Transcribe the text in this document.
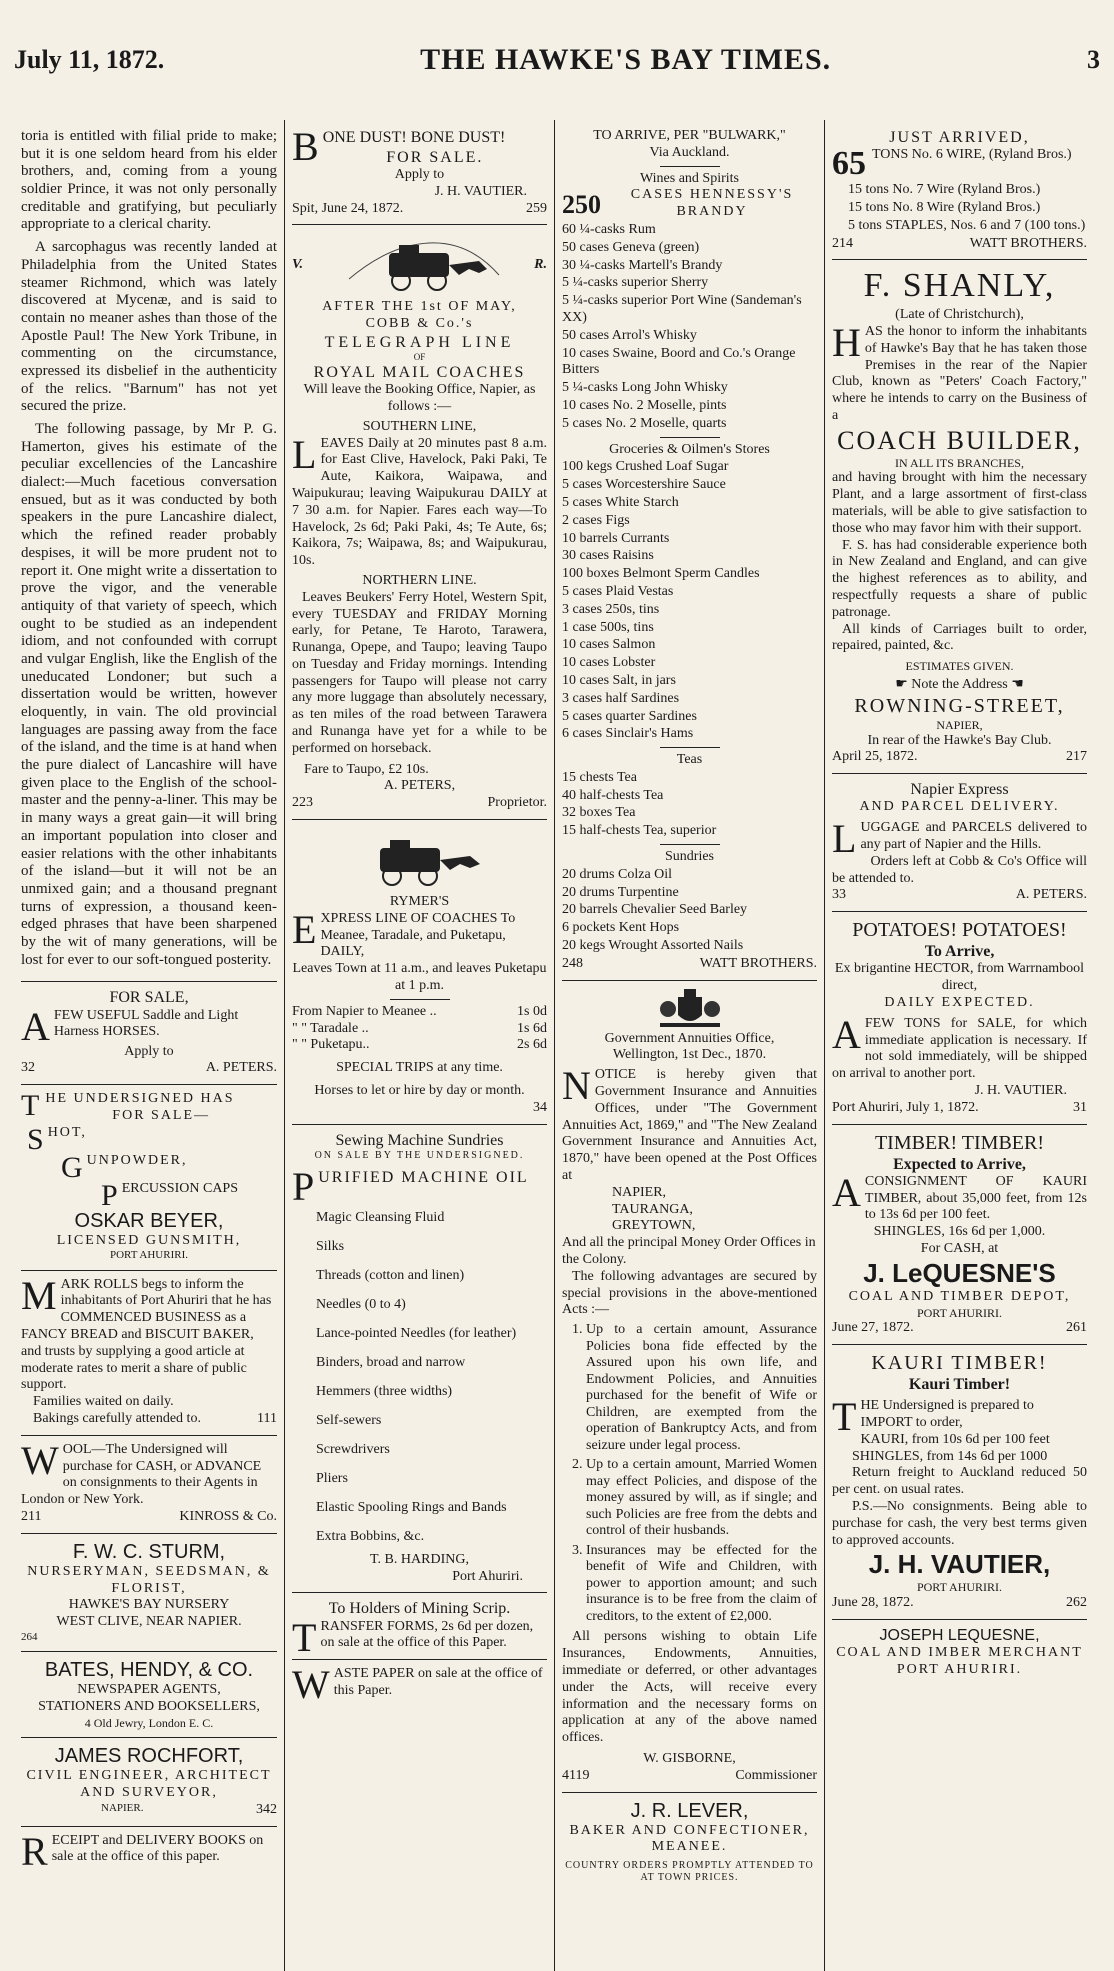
July 11, 1872.	THE HAWKE'S BAY TIMES.	3

toria is entitled with filial pride to make; but it is one seldom heard from his elder brothers, and, coming from a young soldier Prince, it was not only personally creditable and gratifying, but peculiarly appropriate to a clerical charity.

A sarcophagus was recently landed at Philadelphia from the United States steamer Richmond, which was lately discovered at Mycenæ, and is said to contain no meaner ashes than those of the Apostle Paul! The New York Tribune, in commenting on the circumstance, expressed its disbelief in the authenticity of the relics. "Barnum" has not yet secured the prize.

The following passage, by Mr P. G. Hamerton, gives his estimate of the peculiar excellencies of the Lancashire dialect:—Much facetious conversation ensued, but as it was conducted by both speakers in the pure Lancashire dialect, which the refined reader probably despises, it will be more prudent not to report it. One might write a dissertation to prove the vigor, and the venerable antiquity of that variety of speech, which ought to be studied as an independent idiom, and not confounded with corrupt and vulgar English, like the English of the uneducated Londoner; but such a dissertation would be written, however eloquently, in vain. The old provincial languages are passing away from the face of the island, and the time is at hand when the pure dialect of Lancashire will have given place to the English of the school-master and the penny-a-liner. This may be in many ways a great gain—it will bring an important population into closer and easier relations with the other inhabitants of the island—but it will not be an unmixed gain; and a thousand pregnant turns of expression, a thousand keen-edged phrases that have been sharpened by the wit of many generations, will be lost for ever to our soft-tongued posterity.

FOR SALE,
AFEW USEFUL Saddle and Light Harness HORSES.
Apply to
32	A. PETERS.
THE UNDERSIGNED HAS
FOR SALE—
SHOT,
GUNPOWDER,
PERCUSSION CAPS
OSKAR BEYER,
LICENSED GUNSMITH,
PORT AHURIRI.
MARK ROLLS begs to inform the inhabitants of Port Ahuriri that he has COMMENCED BUSINESS as a FANCY BREAD and BISCUIT BAKER, and trusts by supplying a good article at moderate rates to merit a share of public support.
Families waited on daily.
Bakings carefully attended to.	111
WOOL—The Undersigned will purchase for CASH, or ADVANCE on consignments to their Agents in London or New York.
211	KINROSS & Co.
F. W. C. STURM,
NURSERYMAN, SEEDSMAN, & FLORIST,
HAWKE'S BAY NURSERY
WEST CLIVE, NEAR NAPIER.
264
BATES, HENDY, & CO.
NEWSPAPER AGENTS,
STATIONERS AND BOOKSELLERS,
4 Old Jewry, London E. C.
JAMES ROCHFORT,
CIVIL ENGINEER, ARCHITECT AND SURVEYOR,
NAPIER.	342
RECEIPT and DELIVERY BOOKS on sale at the office of this paper.
BONE DUST! BONE DUST!
FOR SALE.
Apply to
J. H. VAUTIER.
Spit, June 24, 1872.	259
V.	R.
AFTER THE 1st OF MAY,
COBB & Co.'s
TELEGRAPH LINE
OF
ROYAL MAIL COACHES
Will leave the Booking Office, Napier, as follows :—
SOUTHERN LINE,
LEAVES Daily at 20 minutes past 8 a.m. for East Clive, Havelock, Paki Paki, Te Aute, Kaikora, Waipawa, and Waipukurau; leaving Waipukurau DAILY at 7 30 a.m. for Napier. Fares each way—To Havelock, 2s 6d; Paki Paki, 4s; Te Aute, 6s; Kaikora, 7s; Waipawa, 8s; and Waipukurau, 10s.
NORTHERN LINE.
Leaves Beukers' Ferry Hotel, Western Spit, every TUESDAY and FRIDAY Morning early, for Petane, Te Haroto, Tarawera, Runanga, Opepe, and Taupo; leaving Taupo on Tuesday and Friday mornings. Intending passengers for Taupo will please not carry any more luggage than absolutely necessary, as ten miles of the road between Tarawera and Runanga have yet for a while to be performed on horseback.
Fare to Taupo, £2 10s.
A. PETERS,
223	Proprietor.
RYMER'S
EXPRESS LINE OF COACHES To Meanee, Taradale, and Puketapu, DAILY,
Leaves Town at 11 a.m., and leaves Puketapu at 1 p.m.
From Napier to Meanee ..	1s 0d
" " Taradale ..	1s 6d
" " Puketapu..	2s 6d
SPECIAL TRIPS at any time.
Horses to let or hire by day or month.
34
Sewing Machine Sundries
ON SALE BY THE UNDERSIGNED.
PURIFIED MACHINE OIL
Magic Cleansing Fluid
Silks
Threads (cotton and linen)
Needles (0 to 4)
Lance-pointed Needles (for leather)
Binders, broad and narrow
Hemmers (three widths)
Self-sewers
Screwdrivers
Pliers
Elastic Spooling Rings and Bands
Extra Bobbins, &c.
T. B. HARDING,
Port Ahuriri.
To Holders of Mining Scrip.
TRANSFER FORMS, 2s 6d per dozen, on sale at the office of this Paper.
WASTE PAPER on sale at the office of this Paper.
TO ARRIVE, PER "BULWARK,"
Via Auckland.
Wines and Spirits
250	CASES HENNESSY'S BRANDY
60 ¼-casks Rum
50 cases Geneva (green)
30 ¼-casks Martell's Brandy
5 ¼-casks superior Sherry
5 ¼-casks superior Port Wine (Sandeman's XX)
50 cases Arrol's Whisky
10 cases Swaine, Boord and Co.'s Orange Bitters
5 ¼-casks Long John Whisky
10 cases No. 2 Moselle, pints
5 cases No. 2 Moselle, quarts
Groceries & Oilmen's Stores
100 kegs Crushed Loaf Sugar
5 cases Worcestershire Sauce
5 cases White Starch
2 cases Figs
10 barrels Currants
30 cases Raisins
100 boxes Belmont Sperm Candles
5 cases Plaid Vestas
3 cases 250s, tins
1 case 500s, tins
10 cases Salmon
10 cases Lobster
10 cases Salt, in jars
3 cases half Sardines
5 cases quarter Sardines
6 cases Sinclair's Hams
Teas
15 chests Tea
40 half-chests Tea
32 boxes Tea
15 half-chests Tea, superior
Sundries
20 drums Colza Oil
20 drums Turpentine
20 barrels Chevalier Seed Barley
6 pockets Kent Hops
20 kegs Wrought Assorted Nails
248	WATT BROTHERS.
Government Annuities Office,
Wellington, 1st Dec., 1870.
NOTICE is hereby given that Government Insurance and Annuities Offices, under "The Government Annuities Act, 1869," and "The New Zealand Government Insurance and Annuities Act, 1870," have been opened at the Post Offices at
NAPIER,
TAURANGA,
GREYTOWN,
And all the principal Money Order Offices in the Colony.
The following advantages are secured by special provisions in the above-mentioned Acts :—
1. Up to a certain amount, Assurance Policies bona fide effected by the Assured upon his own life, and Endowment Policies, and Annuities purchased for the benefit of Wife or Children, are exempted from the operation of Bankruptcy Acts, and from seizure under legal process.
2. Up to a certain amount, Married Women may effect Policies, and dispose of the money assured by will, as if single; and such Policies are free from the debts and control of their husbands.
3. Insurances may be effected for the benefit of Wife and Children, with power to apportion amount; and such insurance is to be free from the claim of creditors, to the extent of £2,000.
All persons wishing to obtain Life Insurances, Endowments, Annuities, immediate or deferred, or other advantages under the Acts, will receive every information and the necessary forms on application at any of the above named offices.
W. GISBORNE,
4119	Commissioner
J. R. LEVER,
BAKER AND CONFECTIONER,
MEANEE.
COUNTRY ORDERS PROMPTLY ATTENDED TO AT TOWN PRICES.
JUST ARRIVED,
65 TONS No. 6 WIRE, (Ryland Bros.)
15 tons No. 7 Wire (Ryland Bros.)
15 tons No. 8 Wire (Ryland Bros.)
5 tons STAPLES, Nos. 6 and 7 (100 tons.)
214	WATT BROTHERS.
F. SHANLY,
(Late of Christchurch),
HAS the honor to inform the inhabitants of Hawke's Bay that he has taken those Premises in the rear of the Napier Club, known as "Peters' Coach Factory," where he intends to carry on the Business of a
COACH BUILDER,
IN ALL ITS BRANCHES,
and having brought with him the necessary Plant, and a large assortment of first-class materials, will be able to give satisfaction to those who may favor him with their support.
F. S. has had considerable experience both in New Zealand and England, and can give the highest references as to ability, and respectfully requests a share of public patronage.
All kinds of Carriages built to order, repaired, painted, &c.
ESTIMATES GIVEN.
☛ Note the Address ☚
ROWNING-STREET,
NAPIER,
In rear of the Hawke's Bay Club.
April 25, 1872.	217
Napier Express
AND PARCEL DELIVERY.
LUGGAGE and PARCELS delivered to any part of Napier and the Hills.
Orders left at Cobb & Co's Office will be attended to.
33	A. PETERS.
POTATOES! POTATOES!
To Arrive,
Ex brigantine HECTOR, from Warrnambool direct,
DAILY EXPECTED.
AFEW TONS for SALE, for which immediate application is necessary. If not sold immediately, will be shipped on arrival to another port.
J. H. VAUTIER.
Port Ahuriri, July 1, 1872.	31
TIMBER! TIMBER!
Expected to Arrive,
ACONSIGNMENT OF KAURI TIMBER, about 35,000 feet, from 12s to 13s 6d per 100 feet.
SHINGLES, 16s 6d per 1,000.
For CASH, at
J. LeQUESNE'S
COAL AND TIMBER DEPOT,
PORT AHURIRI.
June 27, 1872.	261
KAURI TIMBER!
Kauri Timber!
THE Undersigned is prepared to IMPORT to order,
KAURI, from 10s 6d per 100 feet
SHINGLES, from 14s 6d per 1000
Return freight to Auckland reduced 50 per cent. on usual rates.
P.S.—No consignments. Being able to purchase for cash, the very best terms given to approved accounts.
J. H. VAUTIER,
PORT AHURIRI.
June 28, 1872.	262
JOSEPH LEQUESNE,
COAL AND IMBER MERCHANT
PORT AHURIRI.
